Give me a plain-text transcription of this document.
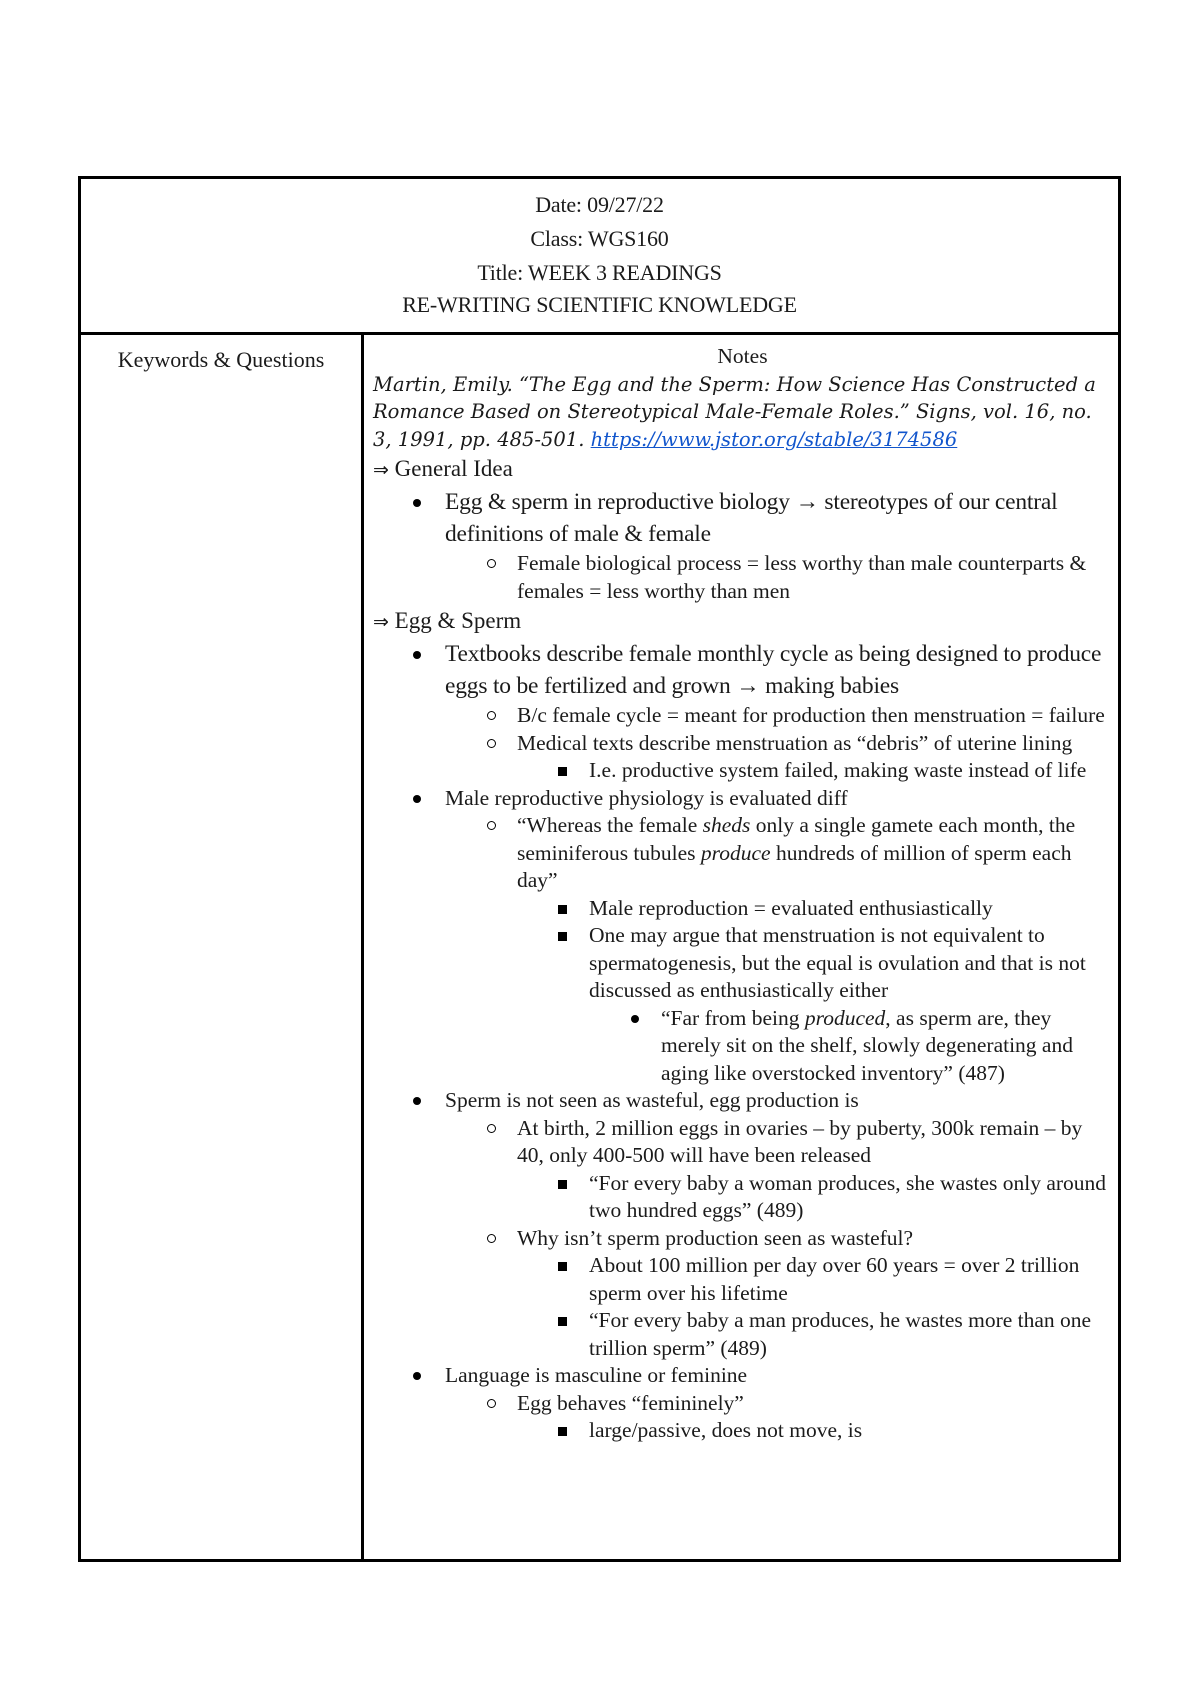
Date: 09/27/22
Class: WGS160
Title: WEEK 3 READINGS
RE-WRITING SCIENTIFIC KNOWLEDGE
Keywords & Questions	Notes
Martin, Emily. “The Egg and the Sperm: How Science Has Constructed a Romance Based on Stereotypical Male-Female Roles.” Signs, vol. 16, no. 3, 1991, pp. 485-501. https://www.jstor.org/stable/3174586
⇒ General Idea
Egg & sperm in reproductive biology → stereotypes of our central definitions of male & female
Female biological process = less worthy than male counterparts & females = less worthy than men
⇒ Egg & Sperm
Textbooks describe female monthly cycle as being designed to produce eggs to be fertilized and grown → making babies
B/c female cycle = meant for production then menstruation = failure
Medical texts describe menstruation as “debris” of uterine lining
I.e. productive system failed, making waste instead of life
Male reproductive physiology is evaluated diff
“Whereas the female sheds only a single gamete each month, the seminiferous tubules produce hundreds of million of sperm each day”
Male reproduction = evaluated enthusiastically
One may argue that menstruation is not equivalent to spermatogenesis, but the equal is ovulation and that is not discussed as enthusiastically either
“Far from being produced, as sperm are, they merely sit on the shelf, slowly degenerating and aging like overstocked inventory” (487)
Sperm is not seen as wasteful, egg production is
At birth, 2 million eggs in ovaries – by puberty, 300k remain – by 40, only 400-500 will have been released
“For every baby a woman produces, she wastes only around two hundred eggs” (489)
Why isn’t sperm production seen as wasteful?
About 100 million per day over 60 years = over 2 trillion sperm over his lifetime
“For every baby a man produces, he wastes more than one trillion sperm” (489)
Language is masculine or feminine
Egg behaves “femininely”
large/passive, does not move, is
